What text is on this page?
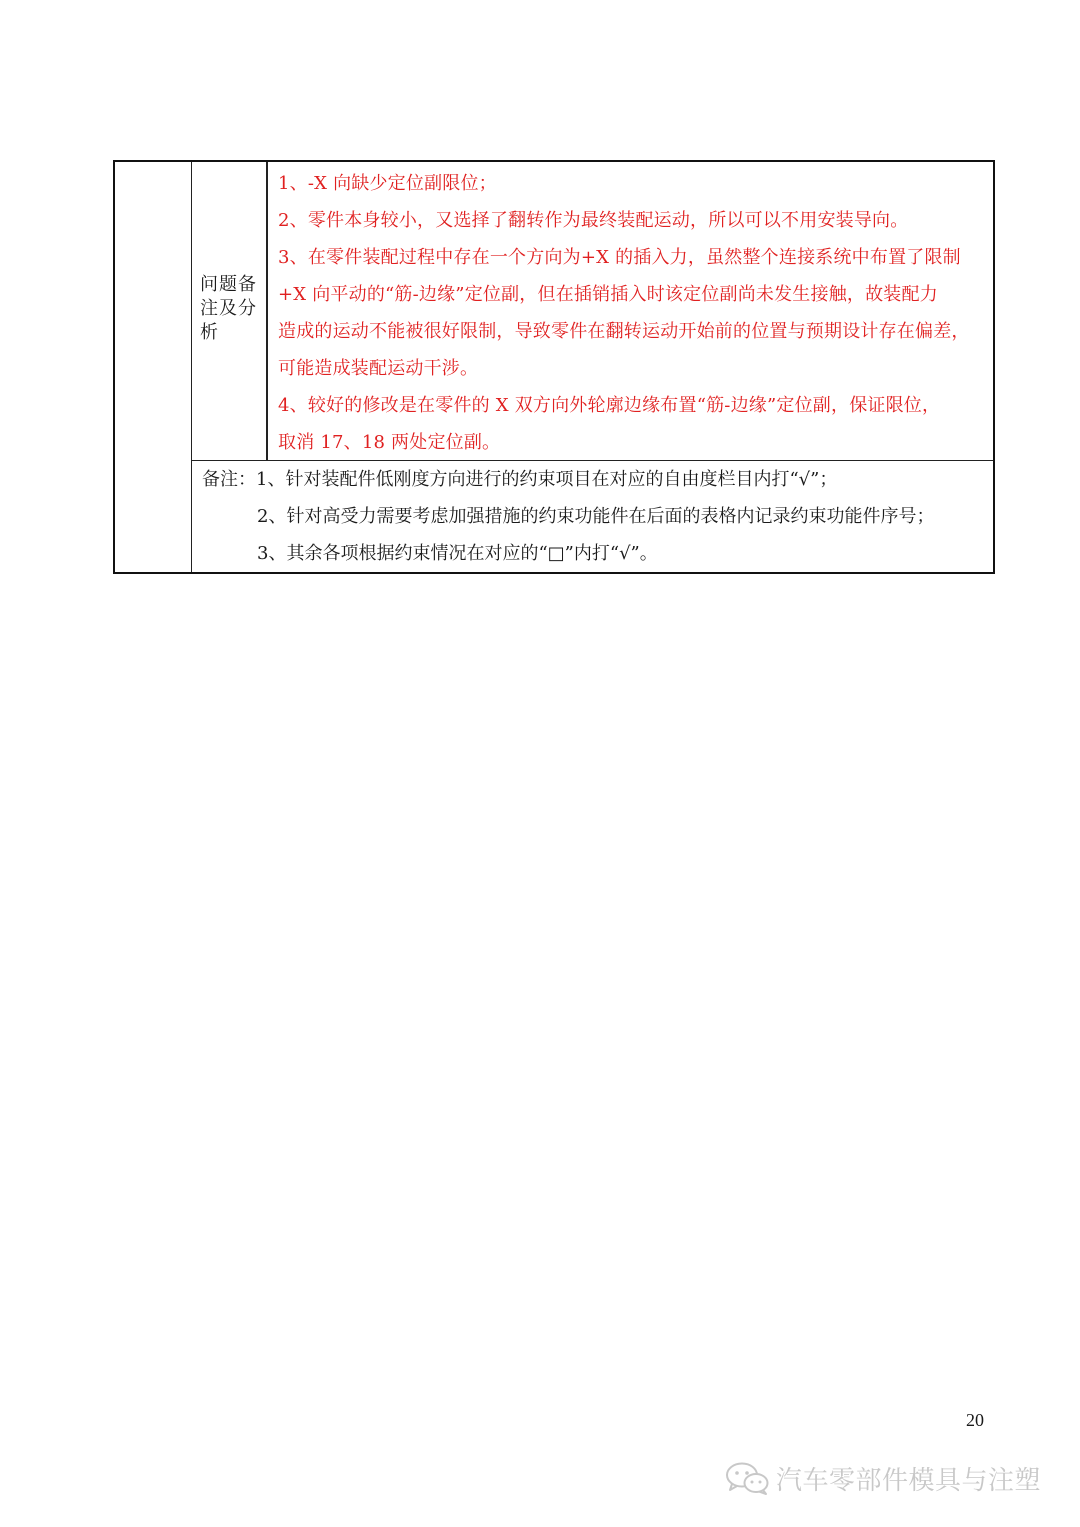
问题备注及分析

1、-X 向缺少定位副限位；

2、零件本身较小，又选择了翻转作为最终装配运动，所以可以不用安装导向。

3、在零件装配过程中存在一个方向为+X 的插入力，虽然整个连接系统中布置了限制

+X 向平动的“筋-边缘”定位副，但在插销插入时该定位副尚未发生接触，故装配力

造成的运动不能被很好限制，导致零件在翻转运动开始前的位置与预期设计存在偏差，

可能造成装配运动干涉。

4、较好的修改是在零件的 X 双方向外轮廓边缘布置“筋-边缘”定位副，保证限位，

取消 17、18 两处定位副。

备注：1、针对装配件低刚度方向进行的约束项目在对应的自由度栏目内打“√”；

2、针对高受力需要考虑加强措施的约束功能件在后面的表格内记录约束功能件序号；

3、其余各项根据约束情况在对应的“□”内打“√”。

20
汽车零部件模具与注塑
